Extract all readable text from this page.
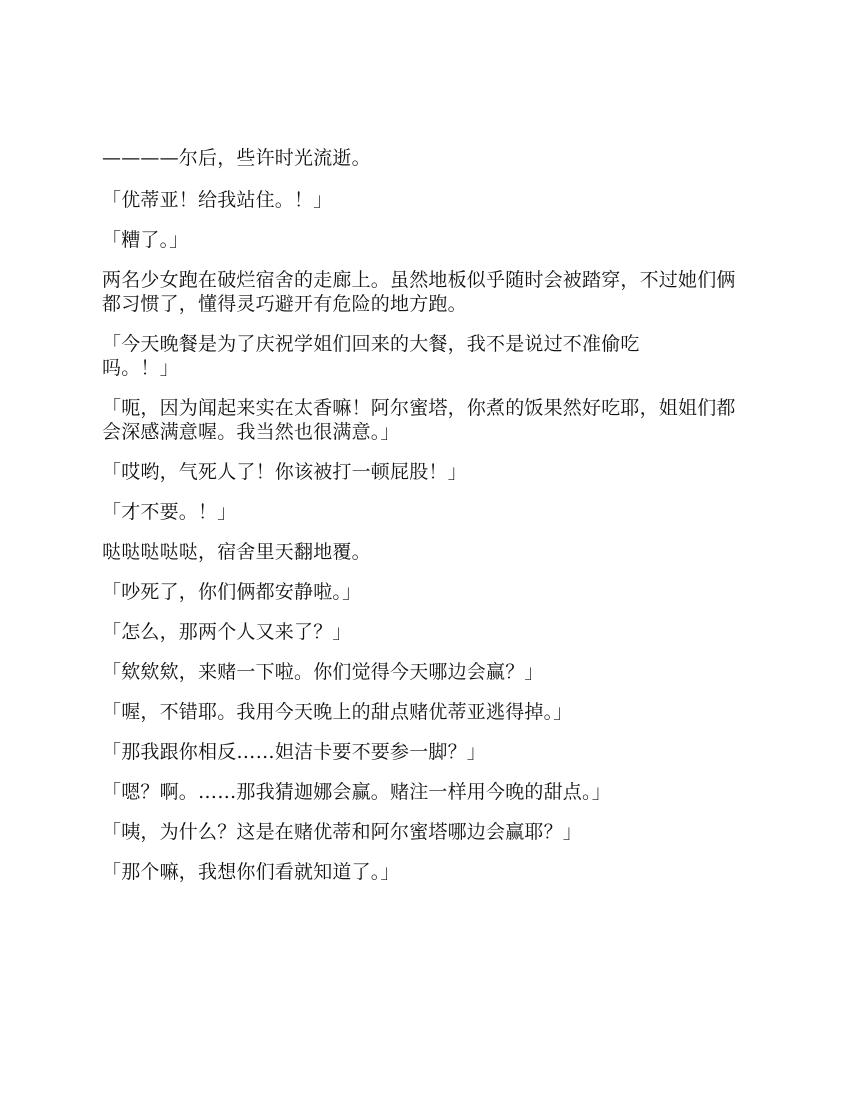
————尔后，些许时光流逝。

「优蒂亚！给我站住。！」

「糟了。」

两名少女跑在破烂宿舍的走廊上。虽然地板似乎随时会被踏穿，不过她们俩都习惯了，懂得灵巧避开有危险的地方跑。

「今天晚餐是为了庆祝学姐们回来的大餐，我不是说过不准偷吃
吗。！」

「呃，因为闻起来实在太香嘛！阿尔蜜塔，你煮的饭果然好吃耶，姐姐们都会深感满意喔。我当然也很满意。」

「哎哟，气死人了！你该被打一顿屁股！」

「才不要。！」

哒哒哒哒哒，宿舍里天翻地覆。

「吵死了，你们俩都安静啦。」

「怎么，那两个人又来了？」

「欸欸欸，来赌一下啦。你们觉得今天哪边会赢？」

「喔，不错耶。我用今天晚上的甜点赌优蒂亚逃得掉。」

「那我跟你相反……妲洁卡要不要参一脚？」

「嗯？啊。……那我猜迦娜会赢。赌注一样用今晚的甜点。」

「咦，为什么？这是在赌优蒂和阿尔蜜塔哪边会赢耶？」

「那个嘛，我想你们看就知道了。」
